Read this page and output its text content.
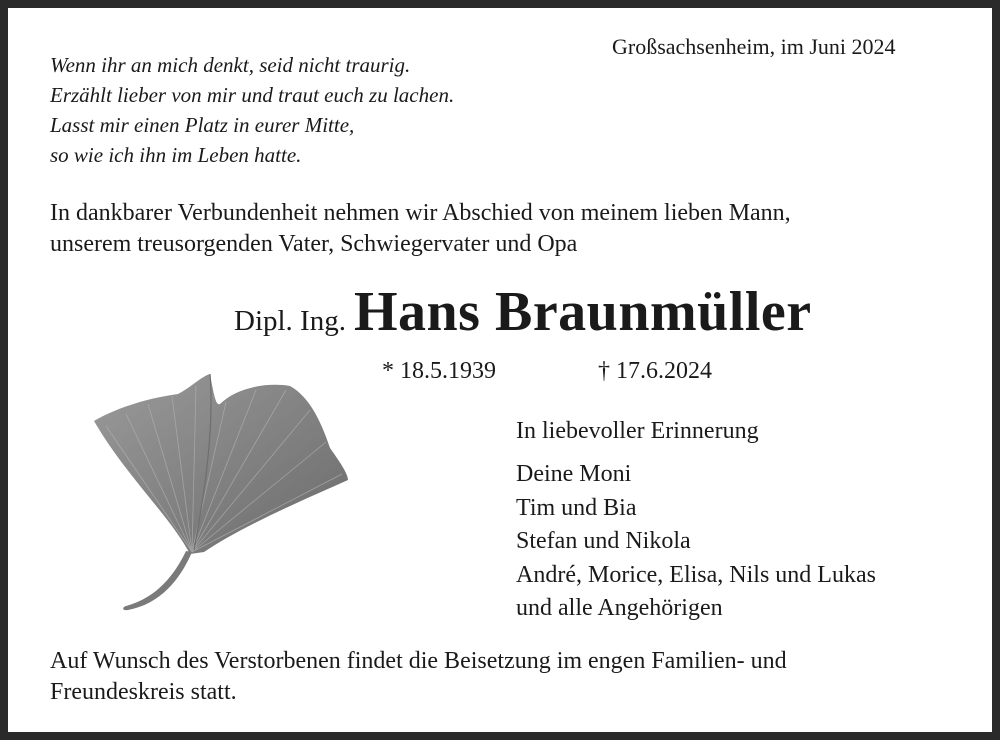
Großsachsenheim, im Juni 2024
Wenn ihr an mich denkt, seid nicht traurig.
Erzählt lieber von mir und traut euch zu lachen.
Lasst mir einen Platz in eurer Mitte,
so wie ich ihn im Leben hatte.
In dankbarer Verbundenheit nehmen wir Abschied von meinem lieben Mann,
unserem treusorgenden Vater, Schwiegervater und Opa
Dipl. Ing. Hans Braunmüller
* 18.5.1939	† 17.6.2024
In liebevoller Erinnerung
Deine Moni
Tim und Bia
Stefan und Nikola
André, Morice, Elisa, Nils und Lukas
und alle Angehörigen
Auf Wunsch des Verstorbenen findet die Beisetzung im engen Familien- und
Freundeskreis statt.
